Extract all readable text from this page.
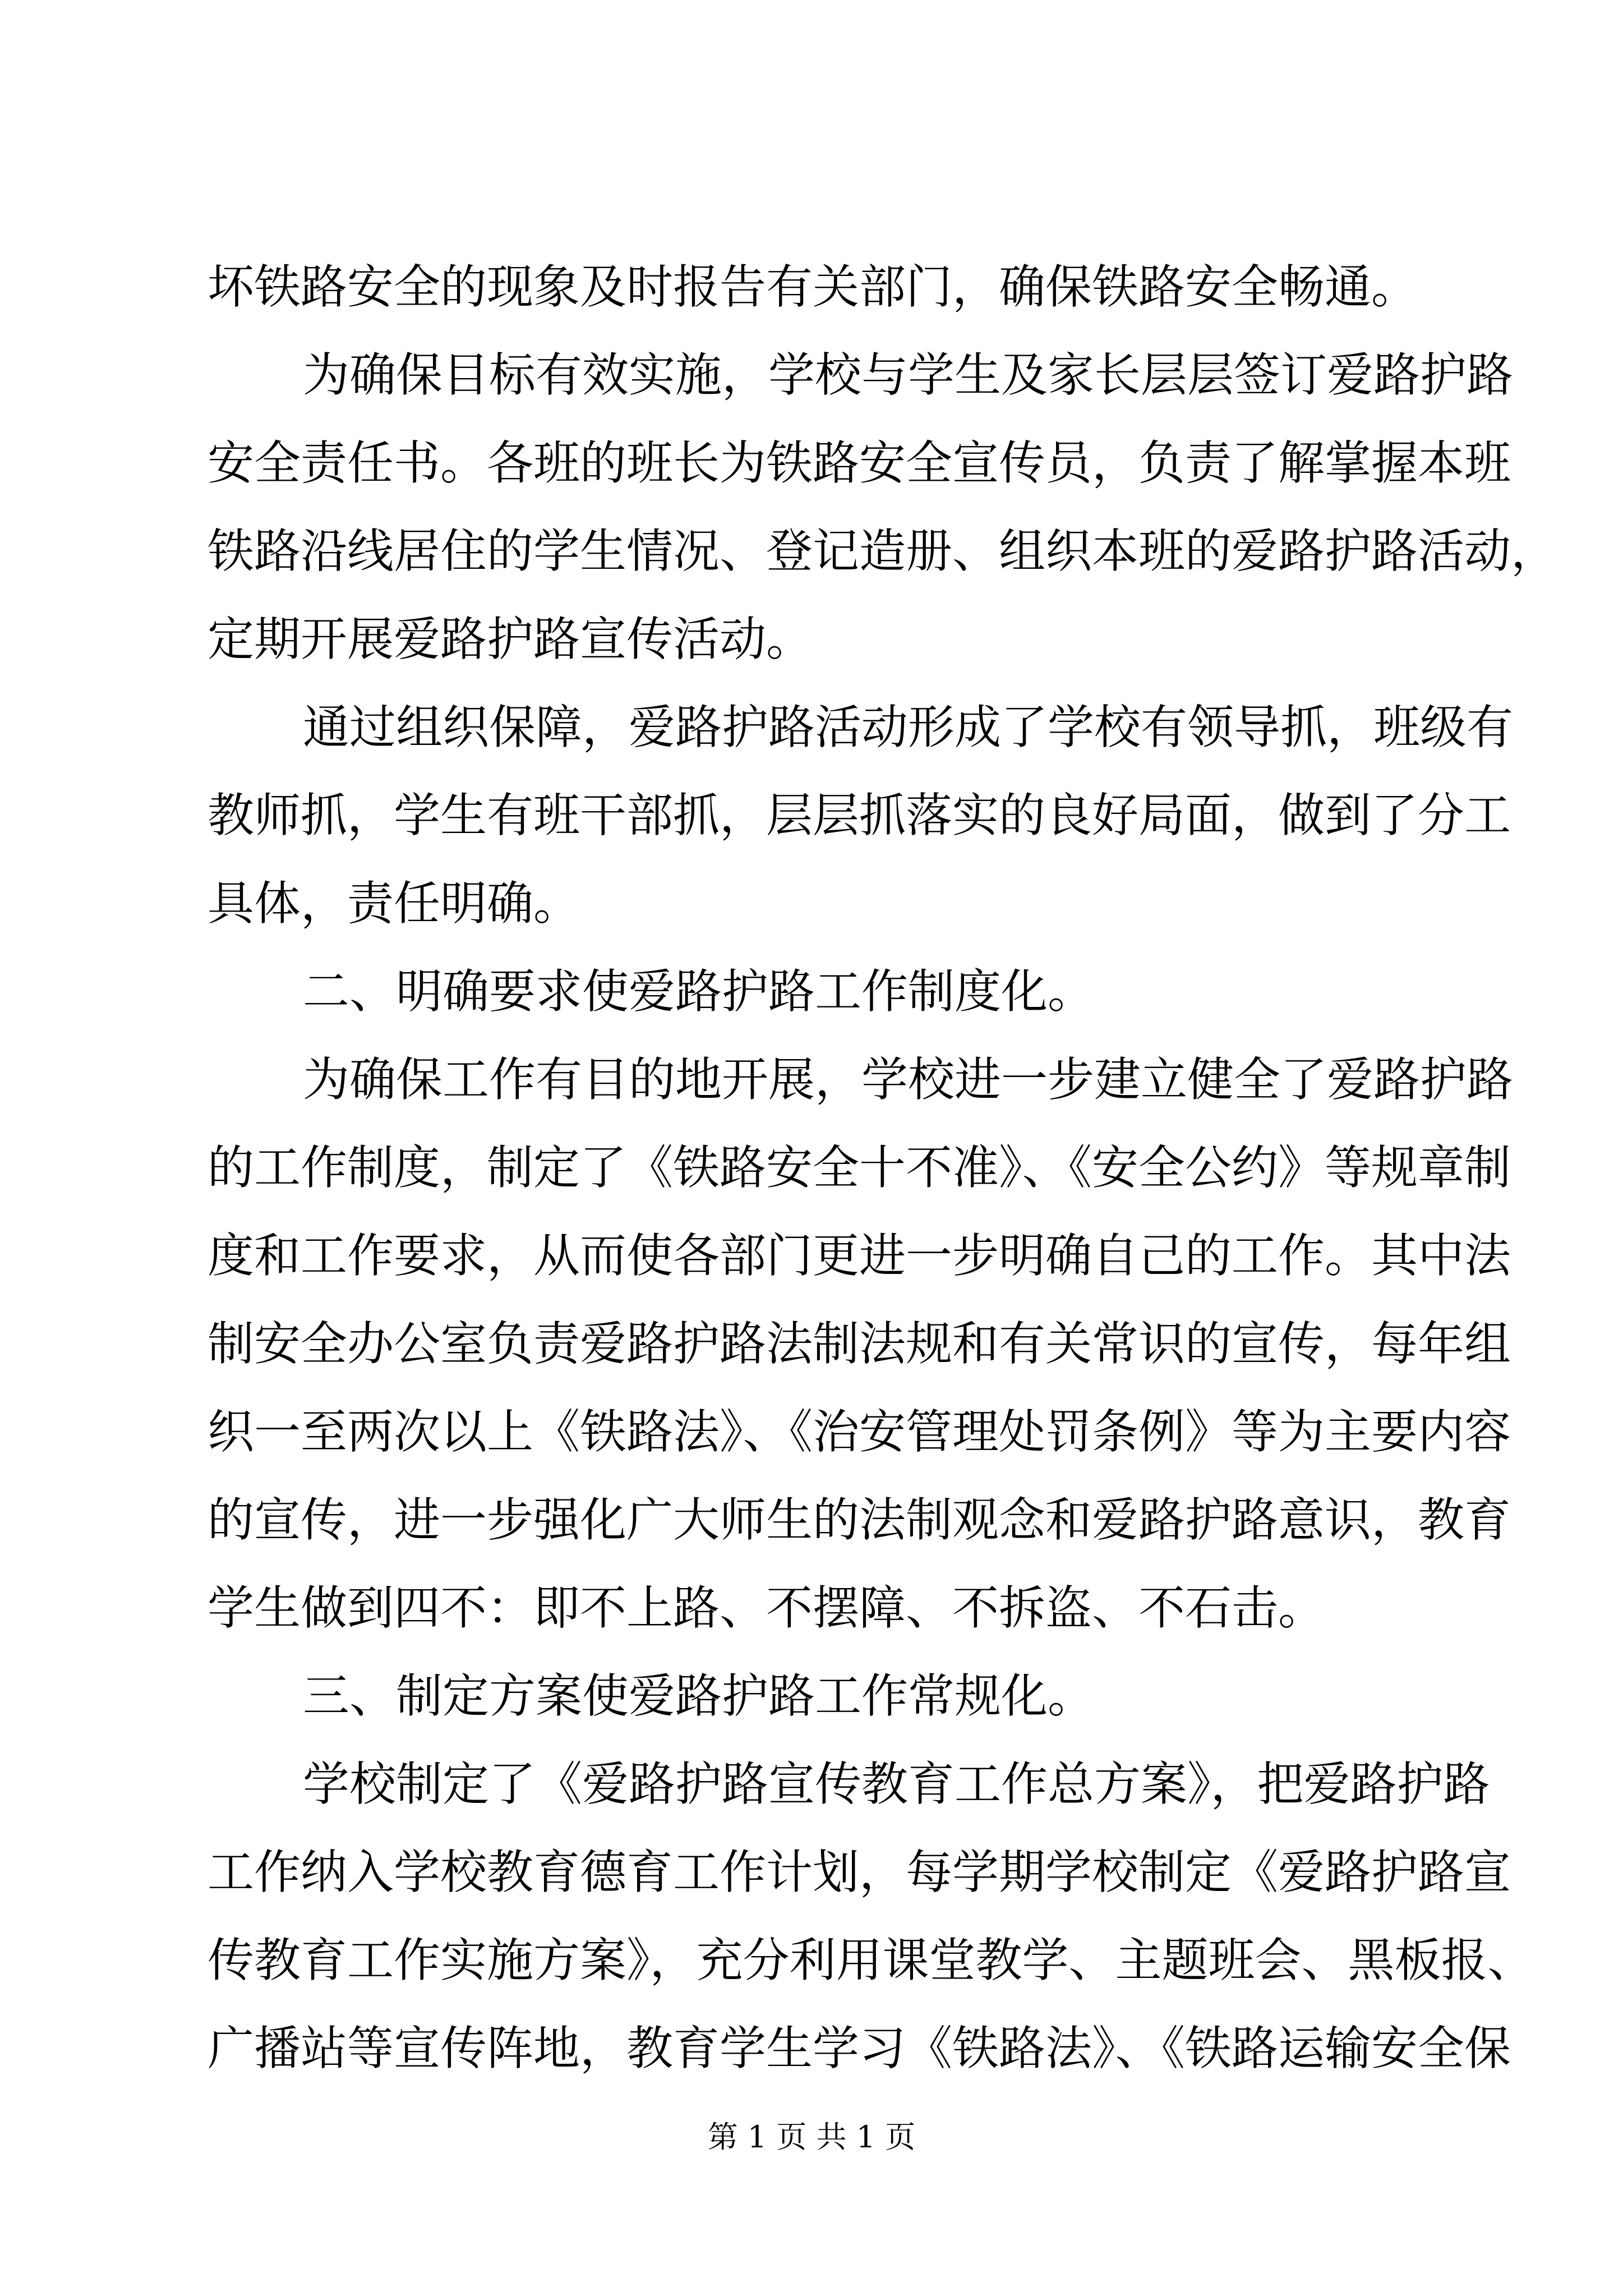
坏铁路安全的现象及时报告有关部门，确保铁路安全畅通。
为确保目标有效实施，学校与学生及家长层层签订爱路护路
安全责任书。各班的班长为铁路安全宣传员，负责了解掌握本班
铁路沿线居住的学生情况、登记造册、组织本班的爱路护路活动，
定期开展爱路护路宣传活动。
通过组织保障，爱路护路活动形成了学校有领导抓，班级有
教师抓，学生有班干部抓，层层抓落实的良好局面，做到了分工
具体，责任明确。
二、明确要求使爱路护路工作制度化。
为确保工作有目的地开展，学校进一步建立健全了爱路护路
的工作制度，制定了《铁路安全十不准》、《安全公约》等规章制
度和工作要求，从而使各部门更进一步明确自己的工作。其中法
制安全办公室负责爱路护路法制法规和有关常识的宣传，每年组
织一至两次以上《铁路法》、《治安管理处罚条例》等为主要内容
的宣传，进一步强化广大师生的法制观念和爱路护路意识，教育
学生做到四不：即不上路、不摆障、不拆盗、不石击。
三、制定方案使爱路护路工作常规化。
学校制定了《爱路护路宣传教育工作总方案》，把爱路护路
工作纳入学校教育德育工作计划，每学期学校制定《爱路护路宣
传教育工作实施方案》，充分利用课堂教学、主题班会、黑板报、
广播站等宣传阵地，教育学生学习《铁路法》、《铁路运输安全保
第 1 页 共 1 页
